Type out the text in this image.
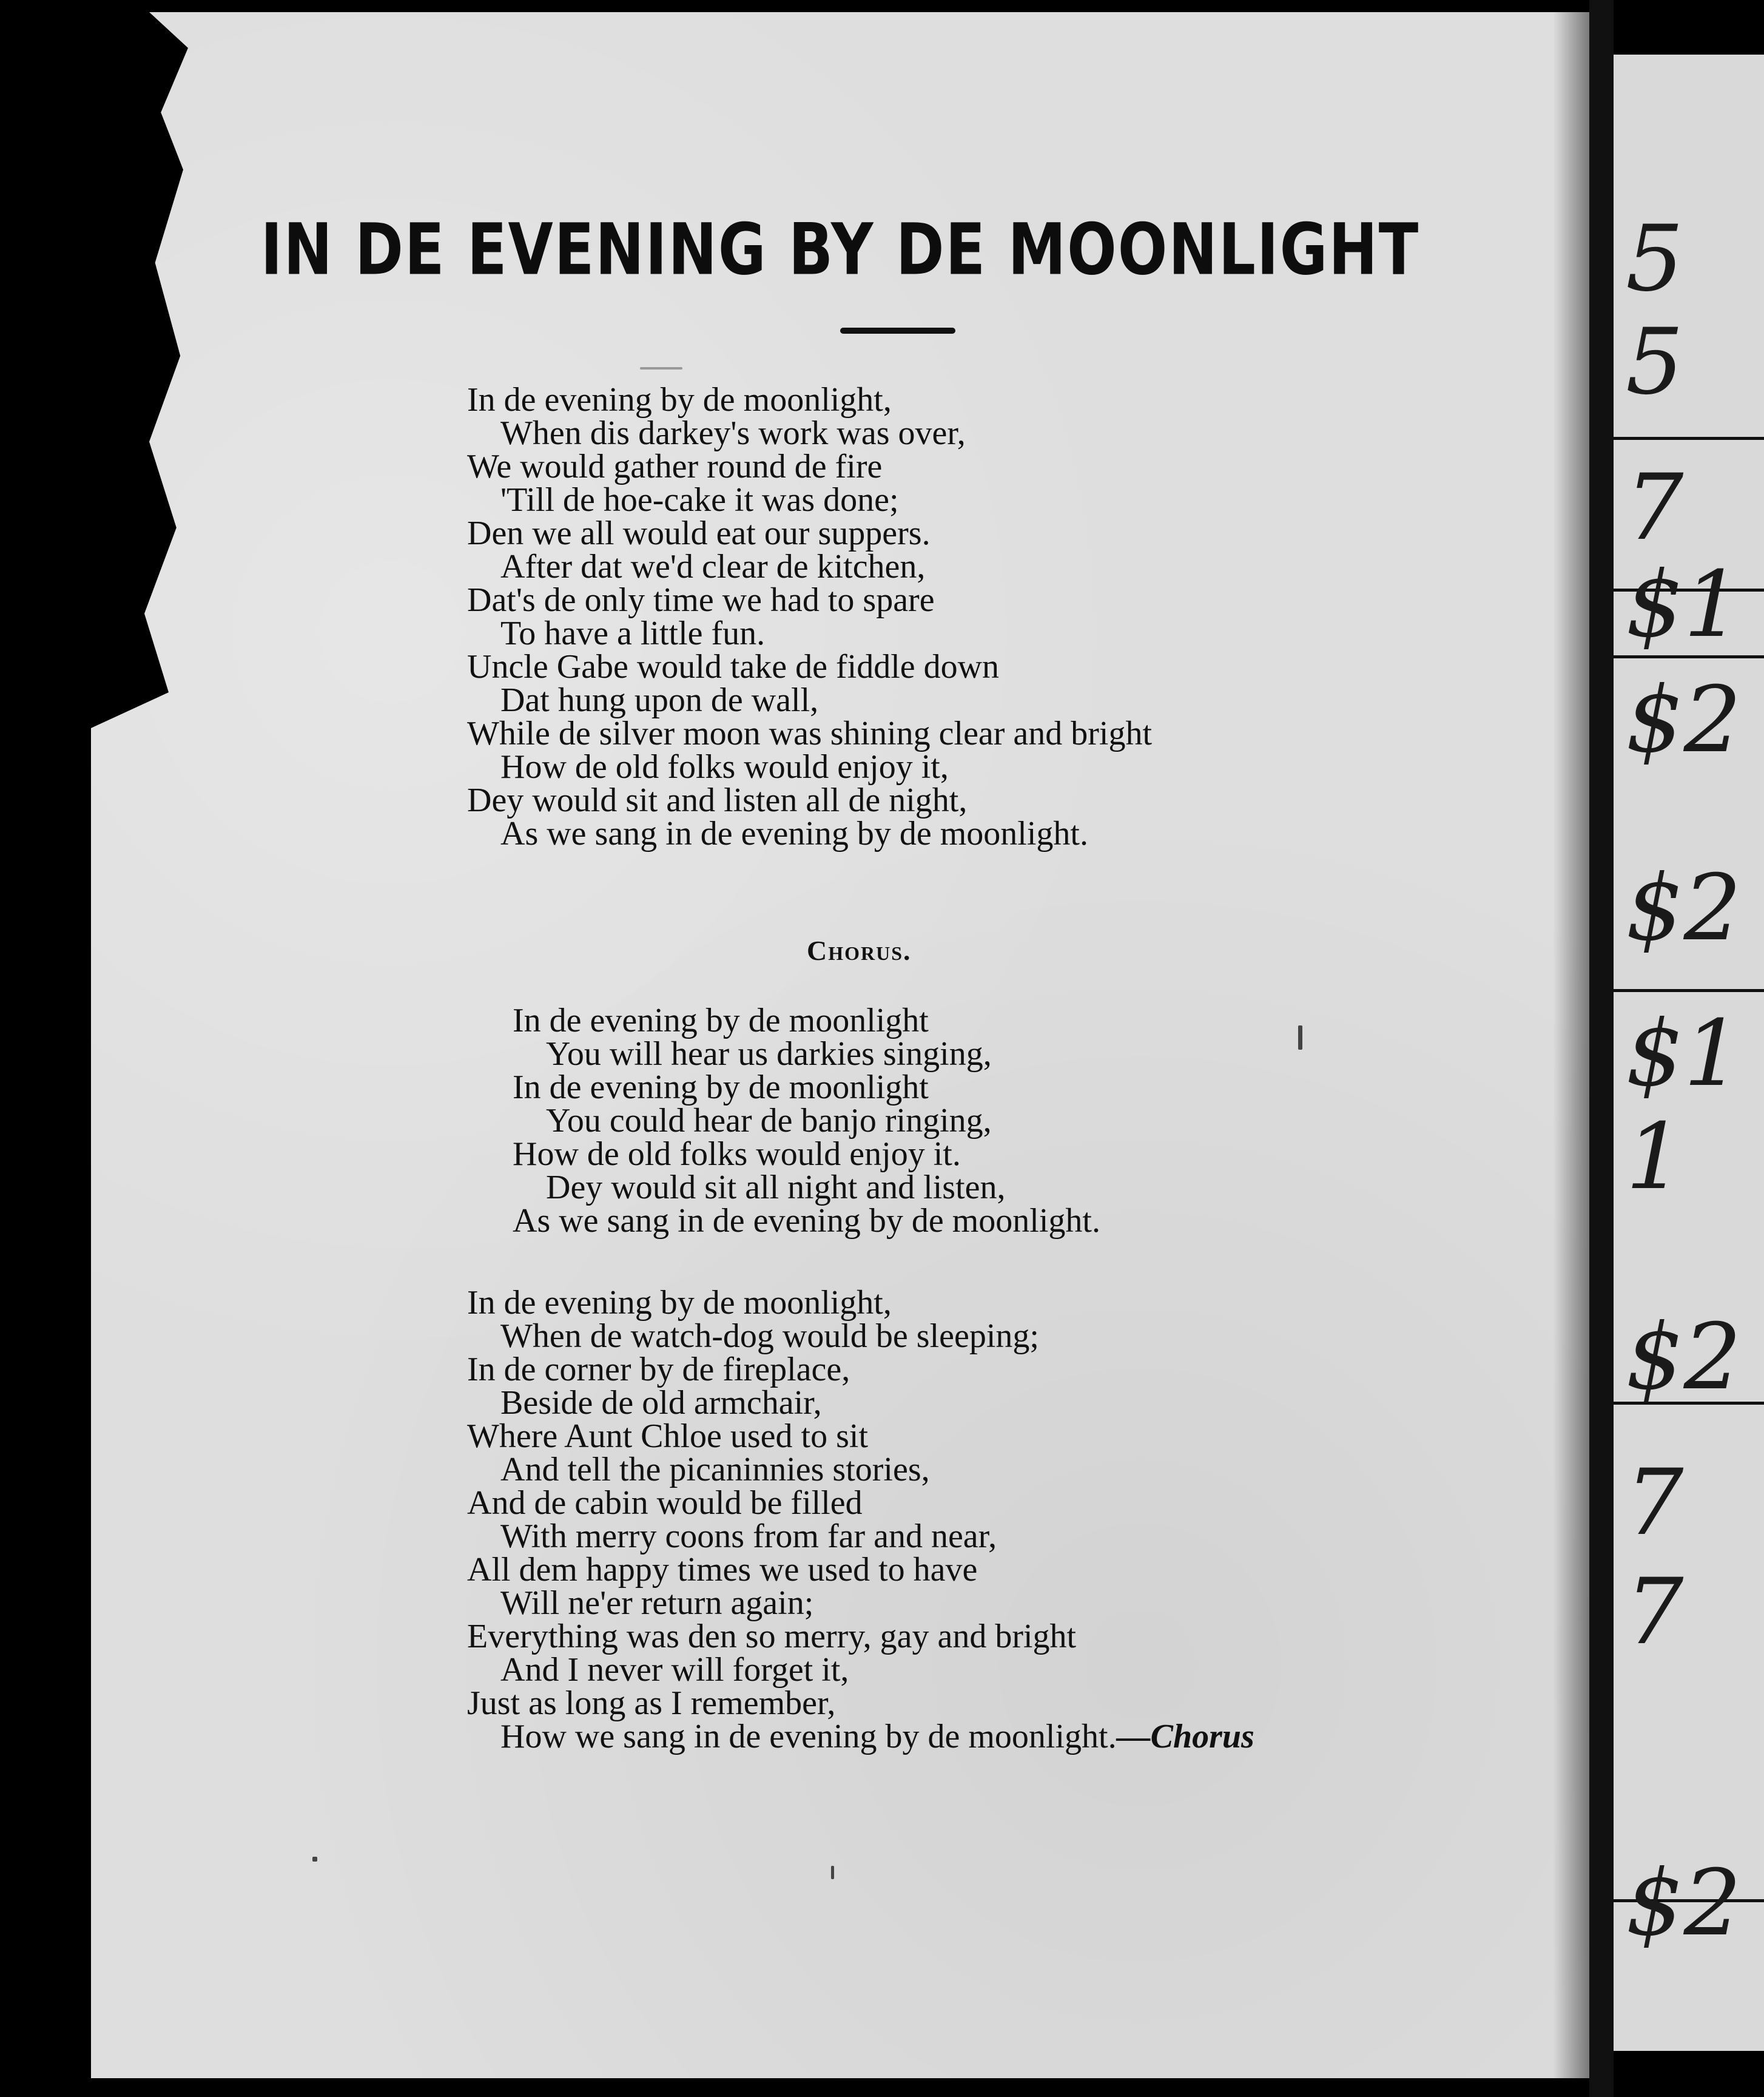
5
5
7
$1
$2
$2
$1
1
$2
7
7
$2
IN DE EVENING BY DE MOONLIGHT
In de evening by de moonlight,
When dis darkey's work was over,
We would gather round de fire
'Till de hoe-cake it was done;
Den we all would eat our suppers.
After dat we'd clear de kitchen,
Dat's de only time we had to spare
To have a little fun.
Uncle Gabe would take de fiddle down
Dat hung upon de wall,
While de silver moon was shining clear and bright
How de old folks would enjoy it,
Dey would sit and listen all de night,
As we sang in de evening by de moonlight.
Chorus.
In de evening by de moonlight
You will hear us darkies singing,
In de evening by de moonlight
You could hear de banjo ringing,
How de old folks would enjoy it.
Dey would sit all night and listen,
As we sang in de evening by de moonlight.
In de evening by de moonlight,
When de watch-dog would be sleeping;
In de corner by de fireplace,
Beside de old armchair,
Where Aunt Chloe used to sit
And tell the picaninnies stories,
And de cabin would be filled
With merry coons from far and near,
All dem happy times we used to have
Will ne'er return again;
Everything was den so merry, gay and bright
And I never will forget it,
Just as long as I remember,
How we sang in de evening by de moonlight.—Chorus
